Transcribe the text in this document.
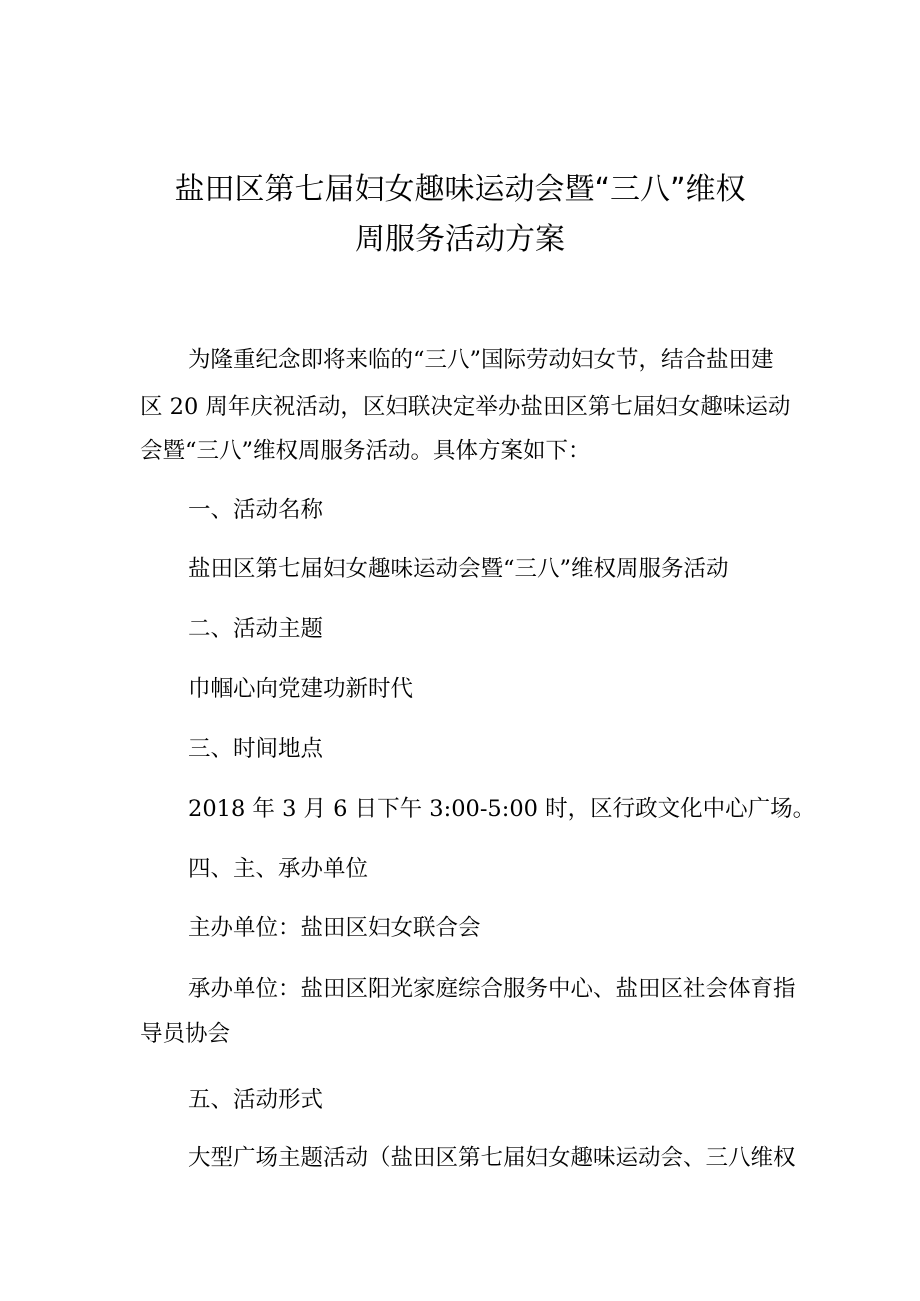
盐田区第七届妇女趣味运动会暨“三八”维权
周服务活动方案

为隆重纪念即将来临的“三八”国际劳动妇女节，结合盐田建

区 20 周年庆祝活动，区妇联决定举办盐田区第七届妇女趣味运动

会暨“三八”维权周服务活动。具体方案如下：

一、活动名称

盐田区第七届妇女趣味运动会暨“三八”维权周服务活动

二、活动主题

巾帼心向党建功新时代

三、时间地点

2018 年 3 月 6 日下午 3:00-5:00 时，区行政文化中心广场。

四、主、承办单位

主办单位：盐田区妇女联合会

承办单位：盐田区阳光家庭综合服务中心、盐田区社会体育指

导员协会

五、活动形式

大型广场主题活动（盐田区第七届妇女趣味运动会、三八维权
